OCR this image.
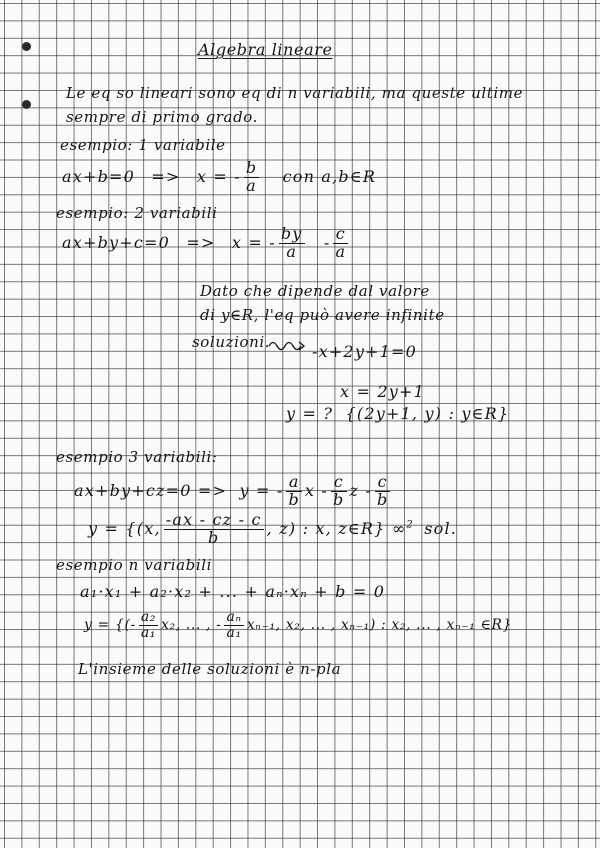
Algebra lineare
Le eq so lineari sono eq di n variabili, ma queste ultime
sempre di primo grado.
esempio: 1 variabile
ax+b=0 => x = - $\frac{b}{a}$ con a,b∈R
esempio: 2 variabili
ax+by+c=0 => x = - $\frac{by}{a} - \frac{c}{a}$
Dato che dipende dal valore
di y∈R, l'eq può avere infinite
soluzioni.	-x+2y+1=0
x = 2y+1
y = ? {(2y+1, y) : y∈R}
esempio 3 variabili:
ax+by+cz=0 => y = - $\frac{a}{b}$ x - $\frac{c}{b}$ z - $\frac{c}{b}$
y = {(x, $\frac{-ax - cz - c}{b}$ , z) : x, z∈R} ∞$^2$ sol.
esempio n variabili
a₁·x₁ + a₂·x₂ + ... + aₙ·xₙ + b = 0
y = {(- $\frac{\text{a₂}}{\text{a₁}} x_2$, ... , - $\frac{\text{aₙ}}{\text{a₁}} x_{n-1}$, x₂, ... , xₙ₋₁) : x₂, ... , xₙ₋₁ ∈R}
L'insieme delle soluzioni è n-pla
